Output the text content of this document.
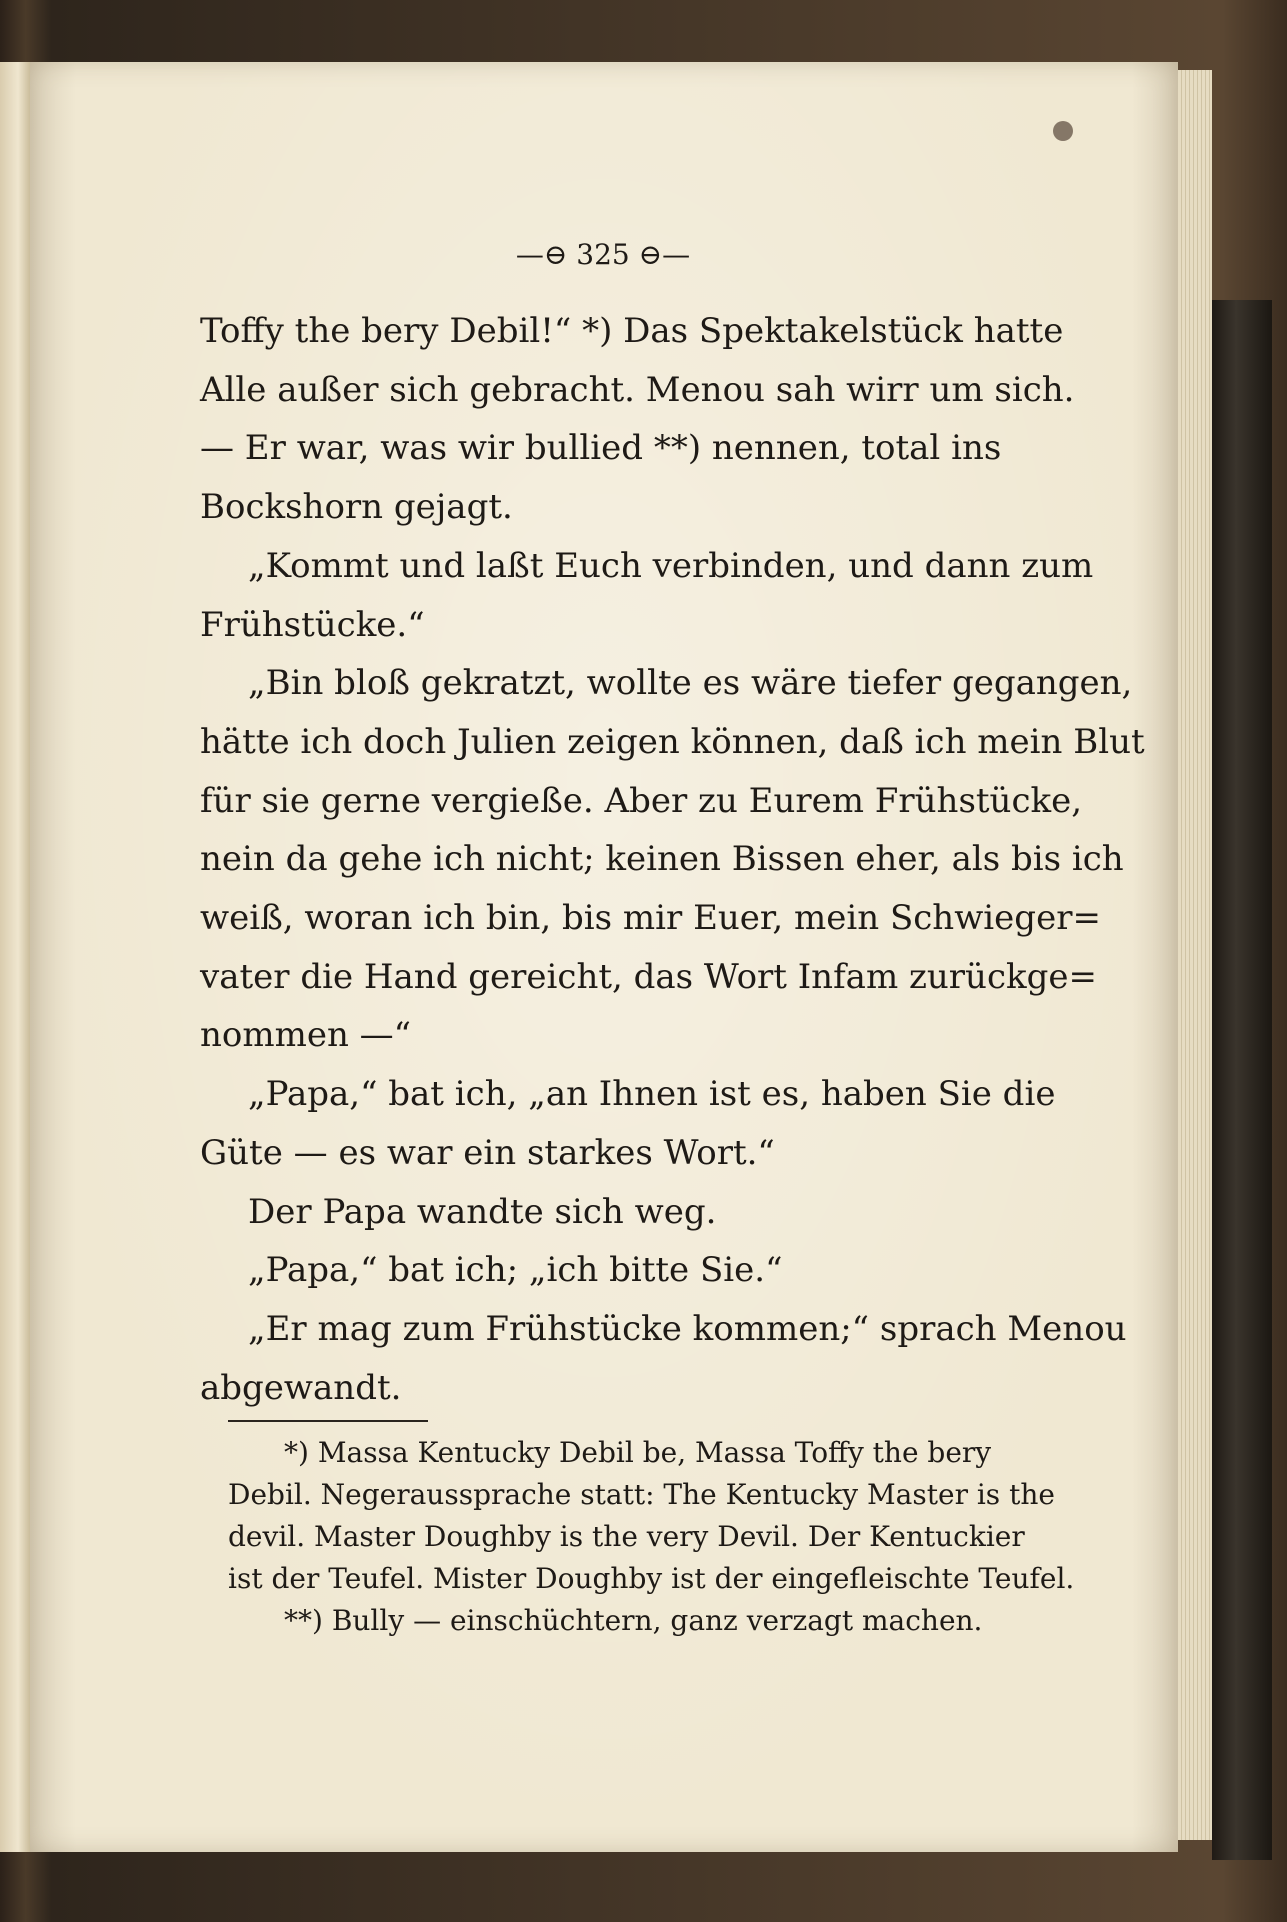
—⊖ 325 ⊖—
Toffy the bery Debil!“ *) Das Spektakelstück hatte
Alle außer sich gebracht. Menou sah wirr um sich.
— Er war, was wir bullied **) nennen, total ins
Bockshorn gejagt.
„Kommt und laßt Euch verbinden, und dann zum
Frühstücke.“
„Bin bloß gekratzt, wollte es wäre tiefer gegangen,
hätte ich doch Julien zeigen können, daß ich mein Blut
für sie gerne vergieße. Aber zu Eurem Frühstücke,
nein da gehe ich nicht; keinen Bissen eher, als bis ich
weiß, woran ich bin, bis mir Euer, mein Schwieger=
vater die Hand gereicht, das Wort Infam zurückge=
nommen —“
„Papa,“ bat ich, „an Ihnen ist es, haben Sie die
Güte — es war ein starkes Wort.“
Der Papa wandte sich weg.
„Papa,“ bat ich; „ich bitte Sie.“
„Er mag zum Frühstücke kommen;“ sprach Menou
abgewandt.
*) Massa Kentucky Debil be, Massa Toffy the bery
Debil. Negeraussprache statt: The Kentucky Master is the
devil. Master Doughby is the very Devil. Der Kentuckier
ist der Teufel. Mister Doughby ist der eingefleischte Teufel.
**) Bully — einschüchtern, ganz verzagt machen.
